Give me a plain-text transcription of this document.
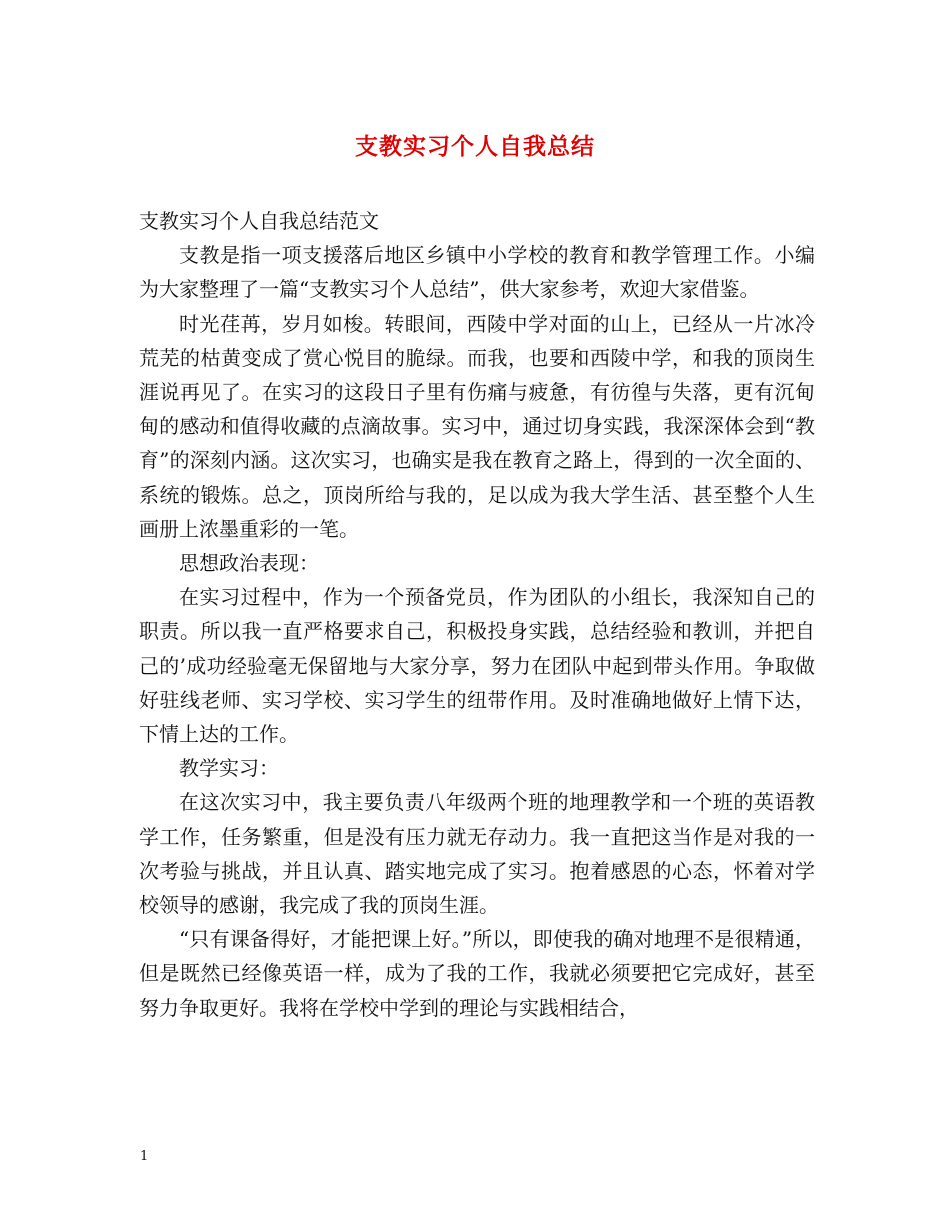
支教实习个人自我总结

支教实习个人自我总结范文

支教是指一项支援落后地区乡镇中小学校的教育和教学管理工作。小编为大家整理了一篇“支教实习个人总结”，供大家参考，欢迎大家借鉴。

时光荏苒，岁月如梭。转眼间，西陵中学对面的山上，已经从一片冰冷荒芜的枯黄变成了赏心悦目的脆绿。而我，也要和西陵中学，和我的顶岗生涯说再见了。在实习的这段日子里有伤痛与疲惫，有彷徨与失落，更有沉甸甸的感动和值得收藏的点滴故事。实习中，通过切身实践，我深深体会到“教育”的深刻内涵。这次实习，也确实是我在教育之路上，得到的一次全面的、系统的锻炼。总之，顶岗所给与我的，足以成为我大学生活、甚至整个人生画册上浓墨重彩的一笔。

思想政治表现：

在实习过程中，作为一个预备党员，作为团队的小组长，我深知自己的职责。所以我一直严格要求自己，积极投身实践，总结经验和教训，并把自己的’成功经验毫无保留地与大家分享，努力在团队中起到带头作用。争取做好驻线老师、实习学校、实习学生的纽带作用。及时准确地做好上情下达，下情上达的工作。

教学实习：

在这次实习中，我主要负责八年级两个班的地理教学和一个班的英语教学工作，任务繁重，但是没有压力就无存动力。我一直把这当作是对我的一次考验与挑战，并且认真、踏实地完成了实习。抱着感恩的心态，怀着对学校领导的感谢，我完成了我的顶岗生涯。

“只有课备得好，才能把课上好。”所以，即使我的确对地理不是很精通，但是既然已经像英语一样，成为了我的工作，我就必须要把它完成好，甚至努力争取更好。我将在学校中学到的理论与实践相结合，

1
